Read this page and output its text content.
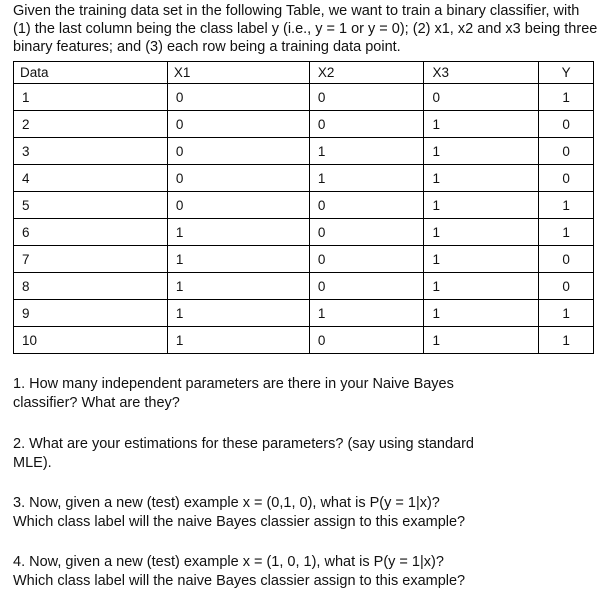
Given the training data set in the following Table, we want to train a binary classifier, with
(1) the last column being the class label y (i.e., y = 1 or y = 0); (2) x1, x2 and x3 being three
binary features; and (3) each row being a training data point.

Data	X1	X2	X3	Y
1	0	0	0	1
2	0	0	1	0
3	0	1	1	0
4	0	1	1	0
5	0	0	1	1
6	1	0	1	1
7	1	0	1	0
8	1	0	1	0
9	1	1	1	1
10	1	0	1	1

1. How many independent parameters are there in your Naive Bayes
classifier? What are they?

2. What are your estimations for these parameters? (say using standard
MLE).

3. Now, given a new (test) example x = (0,1, 0), what is P(y = 1|x)?
Which class label will the naive Bayes classier assign to this example?

4. Now, given a new (test) example x = (1, 0, 1), what is P(y = 1|x)?
Which class label will the naive Bayes classier assign to this example?
